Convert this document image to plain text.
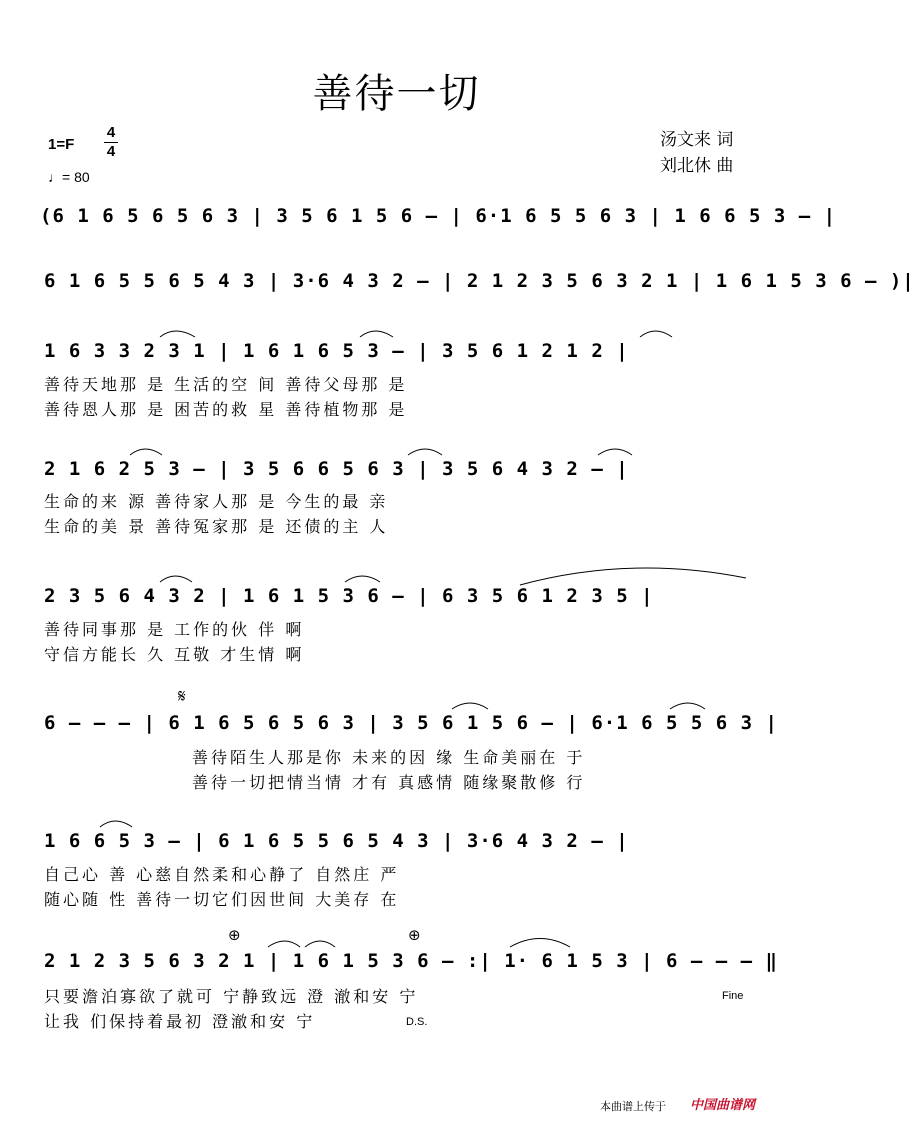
善待一切
1=F
4
4
♩= 80
汤文来 词
刘北休 曲
(6 1 6 5 6 5 6 3 | 3 5 6 1 5 6 – | 6·1 6 5 5 6 3 | 1 6 6 5 3 – |
6 1 6 5 5 6 5 4 3 | 3·6 4 3 2 – | 2 1 2 3 5 6 3 2 1 | 1 6 1 5 3 6 – )|
1 6 3 3 2 3 1 | 1 6 1 6 5 3 – | 3 5 6 1 2 1 2 |
善待天地那 是 生活的空 间 善待父母那 是
善待恩人那 是 困苦的救 星 善待植物那 是
2 1 6 2 5 3 – | 3 5 6 6 5 6 3 | 3 5 6 4 3 2 – |
生命的来 源 善待家人那 是 今生的最 亲
生命的美 景 善待冤家那 是 还债的主 人
2 3 5 6 4 3 2 | 1 6 1 5 3 6 – | 6 3 5 6 1 2 3 5 |
善待同事那 是 工作的伙 伴 啊
守信方能长 久 互敬 才生情 啊
𝄋
6 – – – | 6 1 6 5 6 5 6 3 | 3 5 6 1 5 6 – | 6·1 6 5 5 6 3 |
善待陌生人那是你 未来的因 缘 生命美丽在 于
善待一切把情当情 才有 真感情 随缘聚散修 行
1 6 6 5 3 – | 6 1 6 5 5 6 5 4 3 | 3·6 4 3 2 – |
自己心 善 心慈自然柔和心静了 自然庄 严
随心随 性 善待一切它们因世间 大美存 在
⊕	⊕
2 1 2 3 5 6 3 2 1 | 1 6 1 5 3 6 – :| 1· 6 1 5 3 | 6 – – – ‖
只要澹泊寡欲了就可 宁静致远 澄 澈和安 宁
让我 们保持着最初 澄澈和安 宁	D.S.
Fine
本曲谱上传于 中国曲谱网
